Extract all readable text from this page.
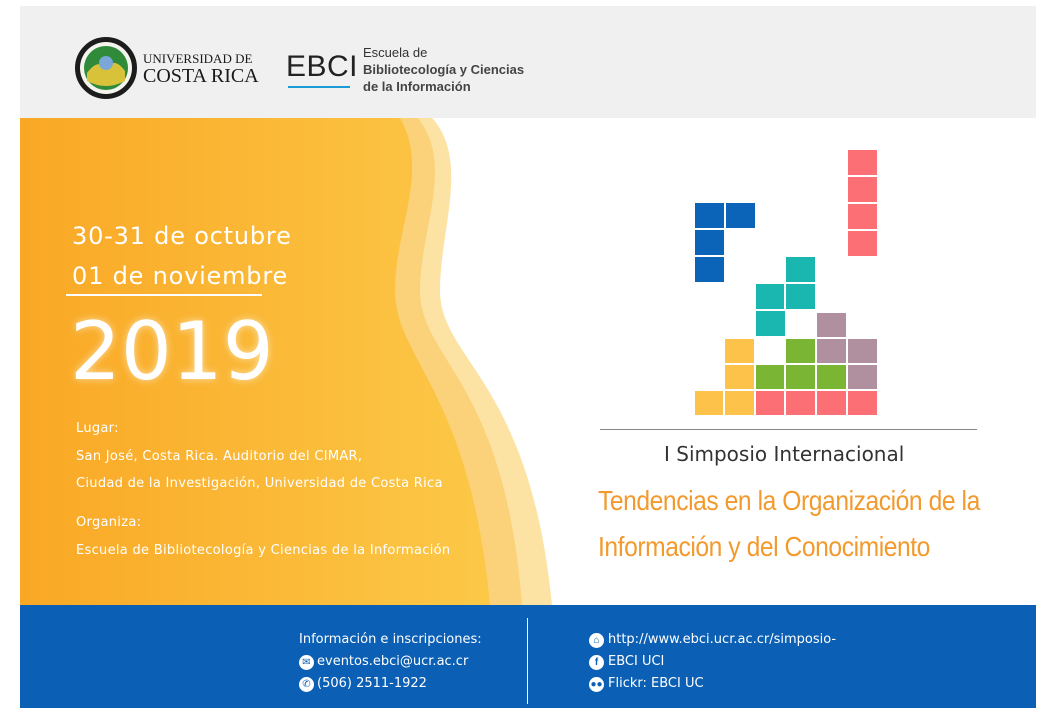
UNIVERSIDAD DE
COSTA RICA EBCI Escuela de
Bibliotecología y Ciencias
de la Información
30-31 de octubre
01 de noviembre
2019
Lugar:
San José, Costa Rica. Auditorio del CIMAR,
Ciudad de la Investigación, Universidad de Costa Rica
Organiza:
Escuela de Bibliotecología y Ciencias de la Información
I Simposio Internacional
Tendencias en la Organización de la
Información y del Conocimiento
Información e inscripciones:
✉ eventos.ebci@ucr.ac.cr
✆ (506) 2511-1922
⌂ http://www.ebci.ucr.ac.cr/simposio-
f EBCI UCI
●● Flickr: EBCI UC
